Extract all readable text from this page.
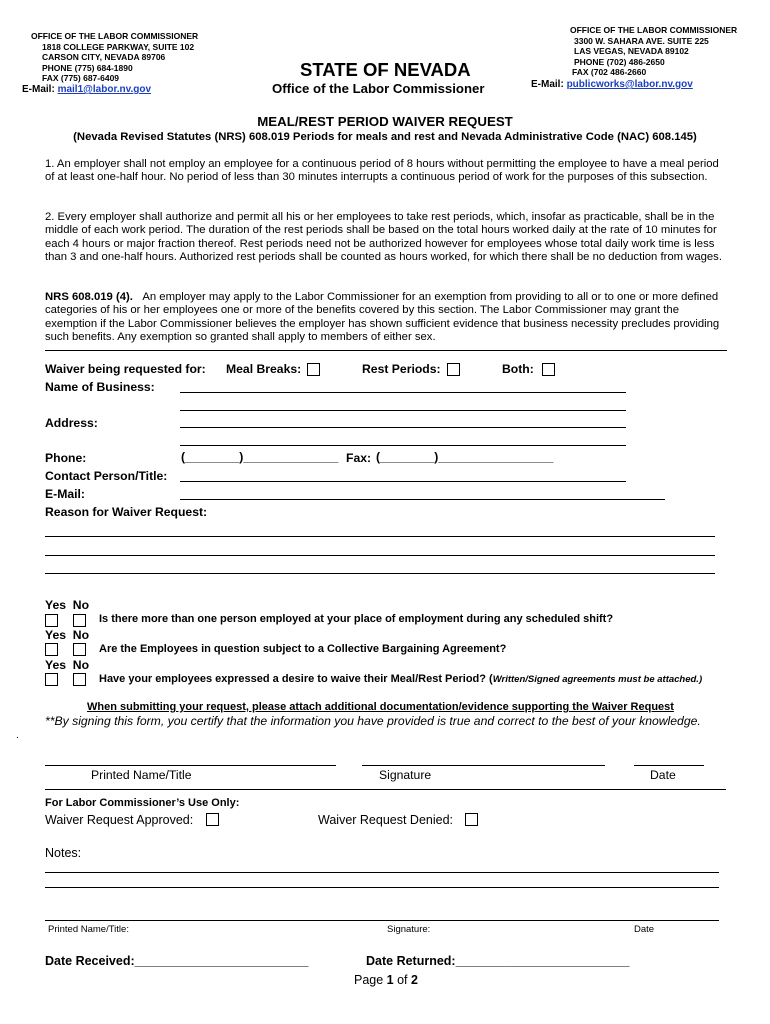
OFFICE OF THE LABOR COMMISSIONER
1818 COLLEGE PARKWAY, SUITE 102
CARSON CITY, NEVADA 89706
PHONE (775) 684-1890
FAX (775) 687-6409
E-Mail: mail1@labor.nv.gov
STATE OF NEVADA
Office of the Labor Commissioner
OFFICE OF THE LABOR COMMISSIONER
3300 W. SAHARA AVE. SUITE 225
LAS VEGAS, NEVADA 89102
PHONE (702) 486-2650
FAX (702 486-2660
E-Mail: publicworks@labor.nv.gov
MEAL/REST PERIOD WAIVER REQUEST
(Nevada Revised Statutes (NRS) 608.019 Periods for meals and rest and Nevada Administrative Code (NAC) 608.145)
1. An employer shall not employ an employee for a continuous period of 8 hours without permitting the employee to have a meal period of at least one-half hour. No period of less than 30 minutes interrupts a continuous period of work for the purposes of this subsection.
2. Every employer shall authorize and permit all his or her employees to take rest periods, which, insofar as practicable, shall be in the middle of each work period. The duration of the rest periods shall be based on the total hours worked daily at the rate of 10 minutes for each 4 hours or major fraction thereof. Rest periods need not be authorized however for employees whose total daily work time is less than 3 and one-half hours. Authorized rest periods shall be counted as hours worked, for which there shall be no deduction from wages.
NRS 608.019 (4). An employer may apply to the Labor Commissioner for an exemption from providing to all or to one or more defined categories of his or her employees one or more of the benefits covered by this section. The Labor Commissioner may grant the exemption if the Labor Commissioner believes the employer has shown sufficient evidence that business necessity precludes providing such benefits. Any exemption so granted shall apply to members of either sex.
Waiver being requested for: Meal Breaks:	Rest Periods:	Both:
Name of Business:
Address:
Phone:	(________)______________ Fax: (________)_________________
Contact Person/Title:
E-Mail:
Reason for Waiver Request:
Yes No
Is there more than one person employed at your place of employment during any scheduled shift?
Yes No
Are the Employees in question subject to a Collective Bargaining Agreement?
Yes No
Have your employees expressed a desire to waive their Meal/Rest Period? (Written/Signed agreements must be attached.)
When submitting your request, please attach additional documentation/evidence supporting the Waiver Request
**By signing this form, you certify that the information you have provided is true and correct to the best of your knowledge.
.
Printed Name/Title	Signature	Date
For Labor Commissioner’s Use Only:
Waiver Request Approved:	Waiver Request Denied:
Notes:
Printed Name/Title:	Signature:	Date
Date Received:_________________________	Date Returned:_________________________
Page 1 of 2
